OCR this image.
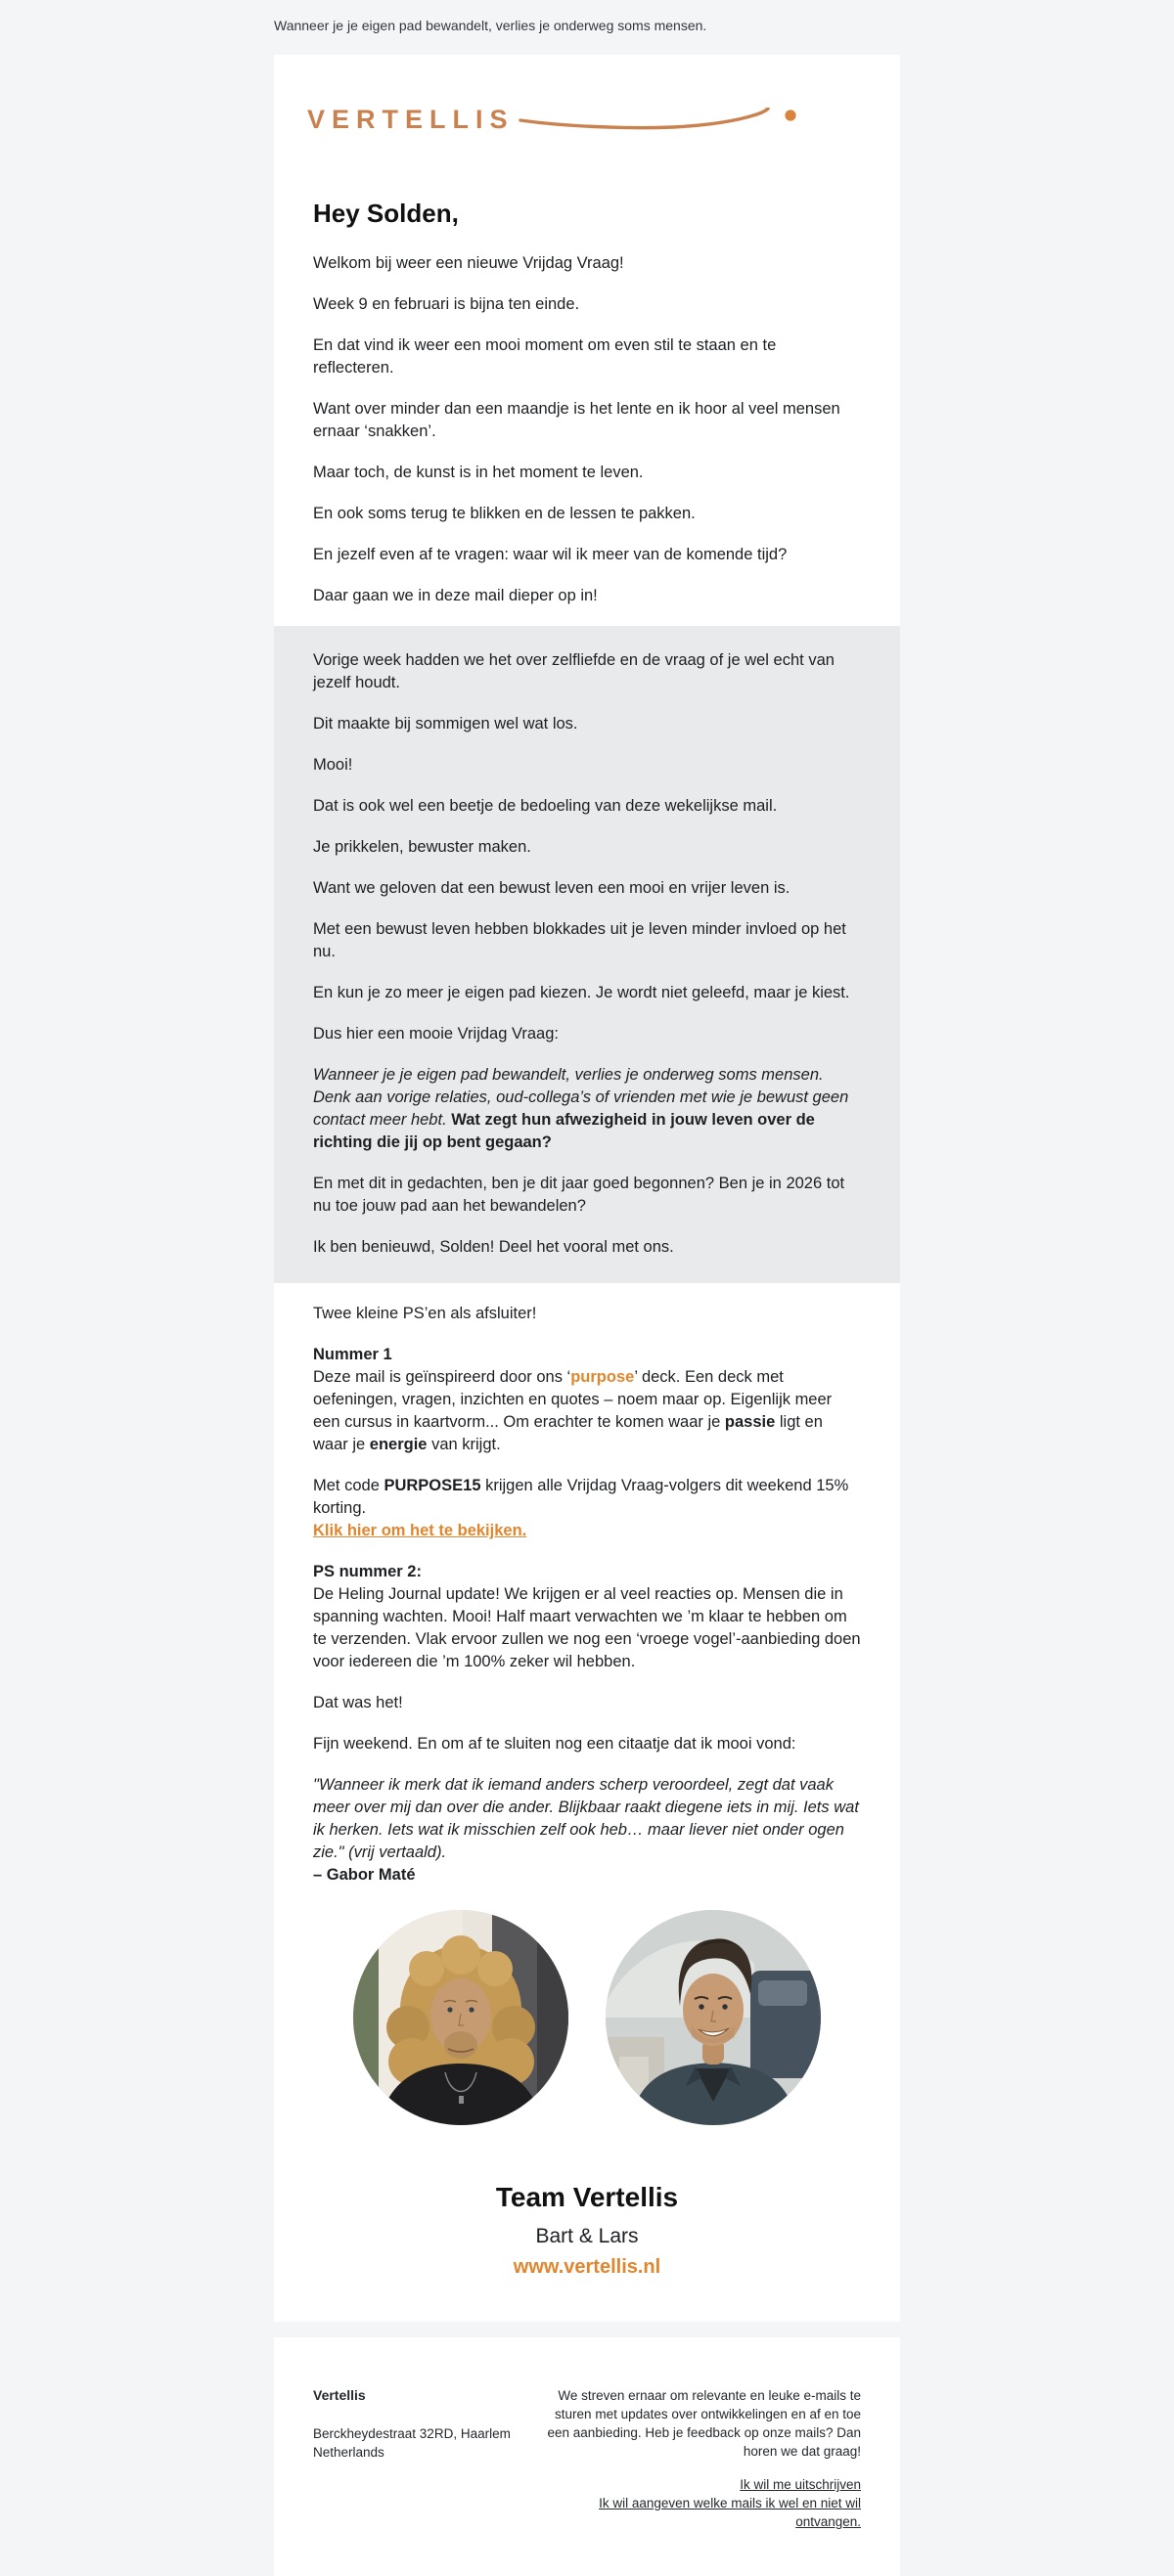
Wanneer je je eigen pad bewandelt, verlies je onderweg soms mensen.
VERTELLIS
Hey Solden,

Welkom bij weer een nieuwe Vrijdag Vraag!

Week 9 en februari is bijna ten einde.

En dat vind ik weer een mooi moment om even stil te staan en te reflecteren.

Want over minder dan een maandje is het lente en ik hoor al veel mensen ernaar ‘snakken’.

Maar toch, de kunst is in het moment te leven.

En ook soms terug te blikken en de lessen te pakken.

En jezelf even af te vragen: waar wil ik meer van de komende tijd?

Daar gaan we in deze mail dieper op in!

Vorige week hadden we het over zelfliefde en de vraag of je wel echt van jezelf houdt.

Dit maakte bij sommigen wel wat los.

Mooi!

Dat is ook wel een beetje de bedoeling van deze wekelijkse mail.

Je prikkelen, bewuster maken.

Want we geloven dat een bewust leven een mooi en vrijer leven is.

Met een bewust leven hebben blokkades uit je leven minder invloed op het nu.

En kun je zo meer je eigen pad kiezen. Je wordt niet geleefd, maar je kiest.

Dus hier een mooie Vrijdag Vraag:

Wanneer je je eigen pad bewandelt, verlies je onderweg soms mensen. Denk aan vorige relaties, oud-collega’s of vrienden met wie je bewust geen contact meer hebt. Wat zegt hun afwezigheid in jouw leven over de richting die jij op bent gegaan?

En met dit in gedachten, ben je dit jaar goed begonnen? Ben je in 2026 tot nu toe jouw pad aan het bewandelen?

Ik ben benieuwd, Solden! Deel het vooral met ons.

Twee kleine PS’en als afsluiter!

Nummer 1

Deze mail is geïnspireerd door ons ‘purpose’ deck. Een deck met oefeningen, vragen, inzichten en quotes – noem maar op. Eigenlijk meer een cursus in kaartvorm... Om erachter te komen waar je passie ligt en waar je energie van krijgt.

Met code PURPOSE15 krijgen alle Vrijdag Vraag-volgers dit weekend 15% korting.

Klik hier om het te bekijken.

PS nummer 2:

De Heling Journal update! We krijgen er al veel reacties op. Mensen die in spanning wachten. Mooi! Half maart verwachten we ’m klaar te hebben om te verzenden. Vlak ervoor zullen we nog een ‘vroege vogel’-aanbieding doen voor iedereen die ’m 100% zeker wil hebben.

Dat was het!

Fijn weekend. En om af te sluiten nog een citaatje dat ik mooi vond:

"Wanneer ik merk dat ik iemand anders scherp veroordeel, zegt dat vaak meer over mij dan over die ander. Blijkbaar raakt diegene iets in mij. Iets wat ik herken. Iets wat ik misschien zelf ook heb… maar liever niet onder ogen zie." (vrij vertaald).

– Gabor Maté

Team Vertellis

Bart & Lars
www.vertellis.nl

Vertellis

Berckheydestraat 32RD, Haarlem

Netherlands

We streven ernaar om relevante en leuke e-mails te sturen met updates over ontwikkelingen en af en toe een aanbieding. Heb je feedback op onze mails? Dan horen we dat graag!

Ik wil me uitschrijven
Ik wil aangeven welke mails ik wel en niet wil ontvangen.
